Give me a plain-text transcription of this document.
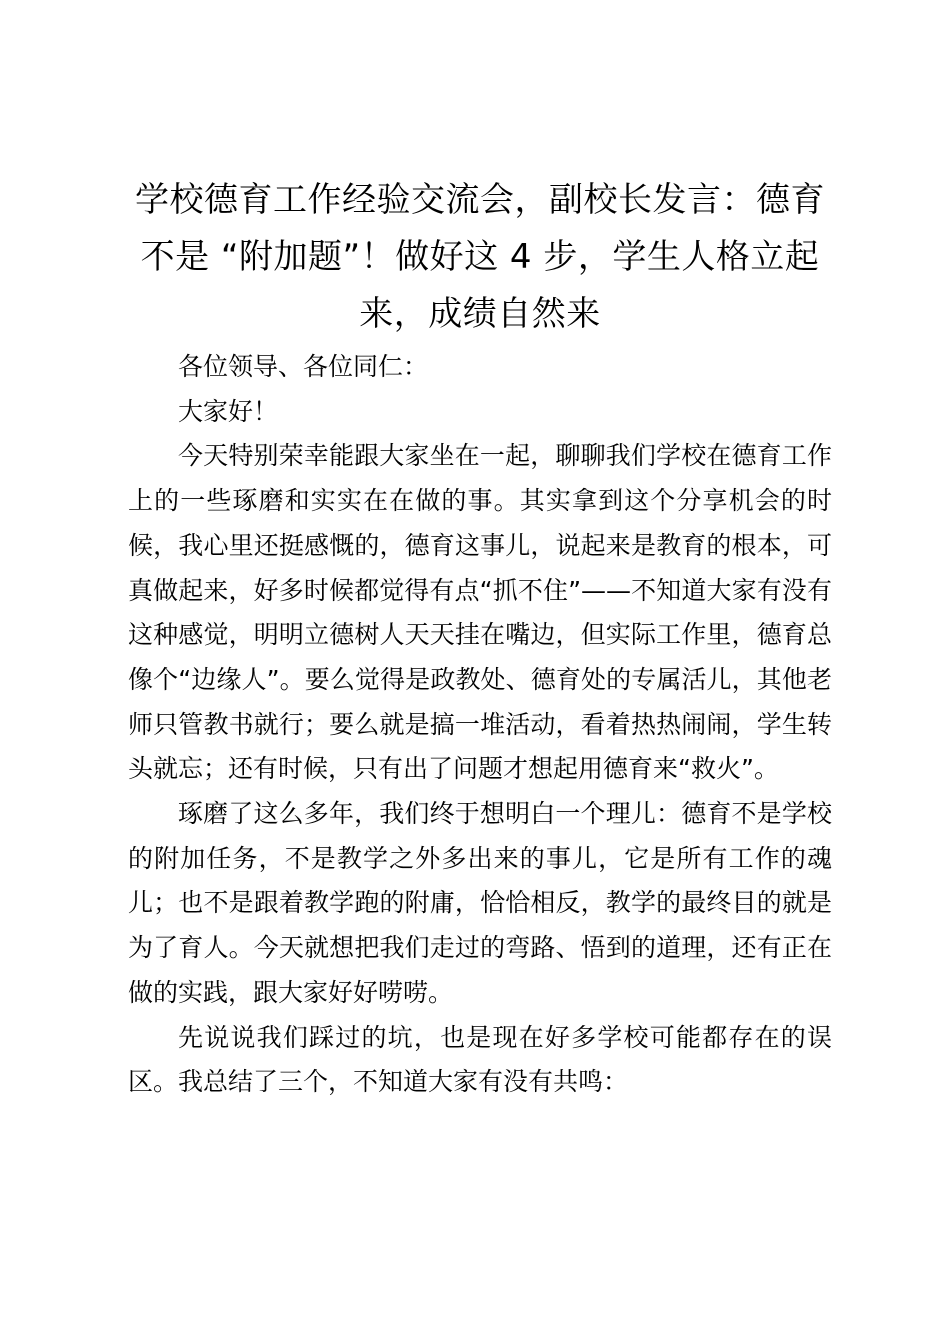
学校德育工作经验交流会，副校长发言：德育不是 “附加题”！做好这 4 步，学生人格立起来，成绩自然来

各位领导、各位同仁：

大家好！

今天特别荣幸能跟大家坐在一起，聊聊我们学校在德育工作上的一些琢磨和实实在在做的事。其实拿到这个分享机会的时候，我心里还挺感慨的，德育这事儿，说起来是教育的根本，可真做起来，好多时候都觉得有点“抓不住”——不知道大家有没有这种感觉，明明立德树人天天挂在嘴边，但实际工作里，德育总像个“边缘人”。要么觉得是政教处、德育处的专属活儿，其他老师只管教书就行；要么就是搞一堆活动，看着热热闹闹，学生转头就忘；还有时候，只有出了问题才想起用德育来“救火”。

琢磨了这么多年，我们终于想明白一个理儿：德育不是学校的附加任务，不是教学之外多出来的事儿，它是所有工作的魂儿；也不是跟着教学跑的附庸，恰恰相反，教学的最终目的就是为了育人。今天就想把我们走过的弯路、悟到的道理，还有正在做的实践，跟大家好好唠唠。

先说说我们踩过的坑，也是现在好多学校可能都存在的误区。我总结了三个，不知道大家有没有共鸣：
